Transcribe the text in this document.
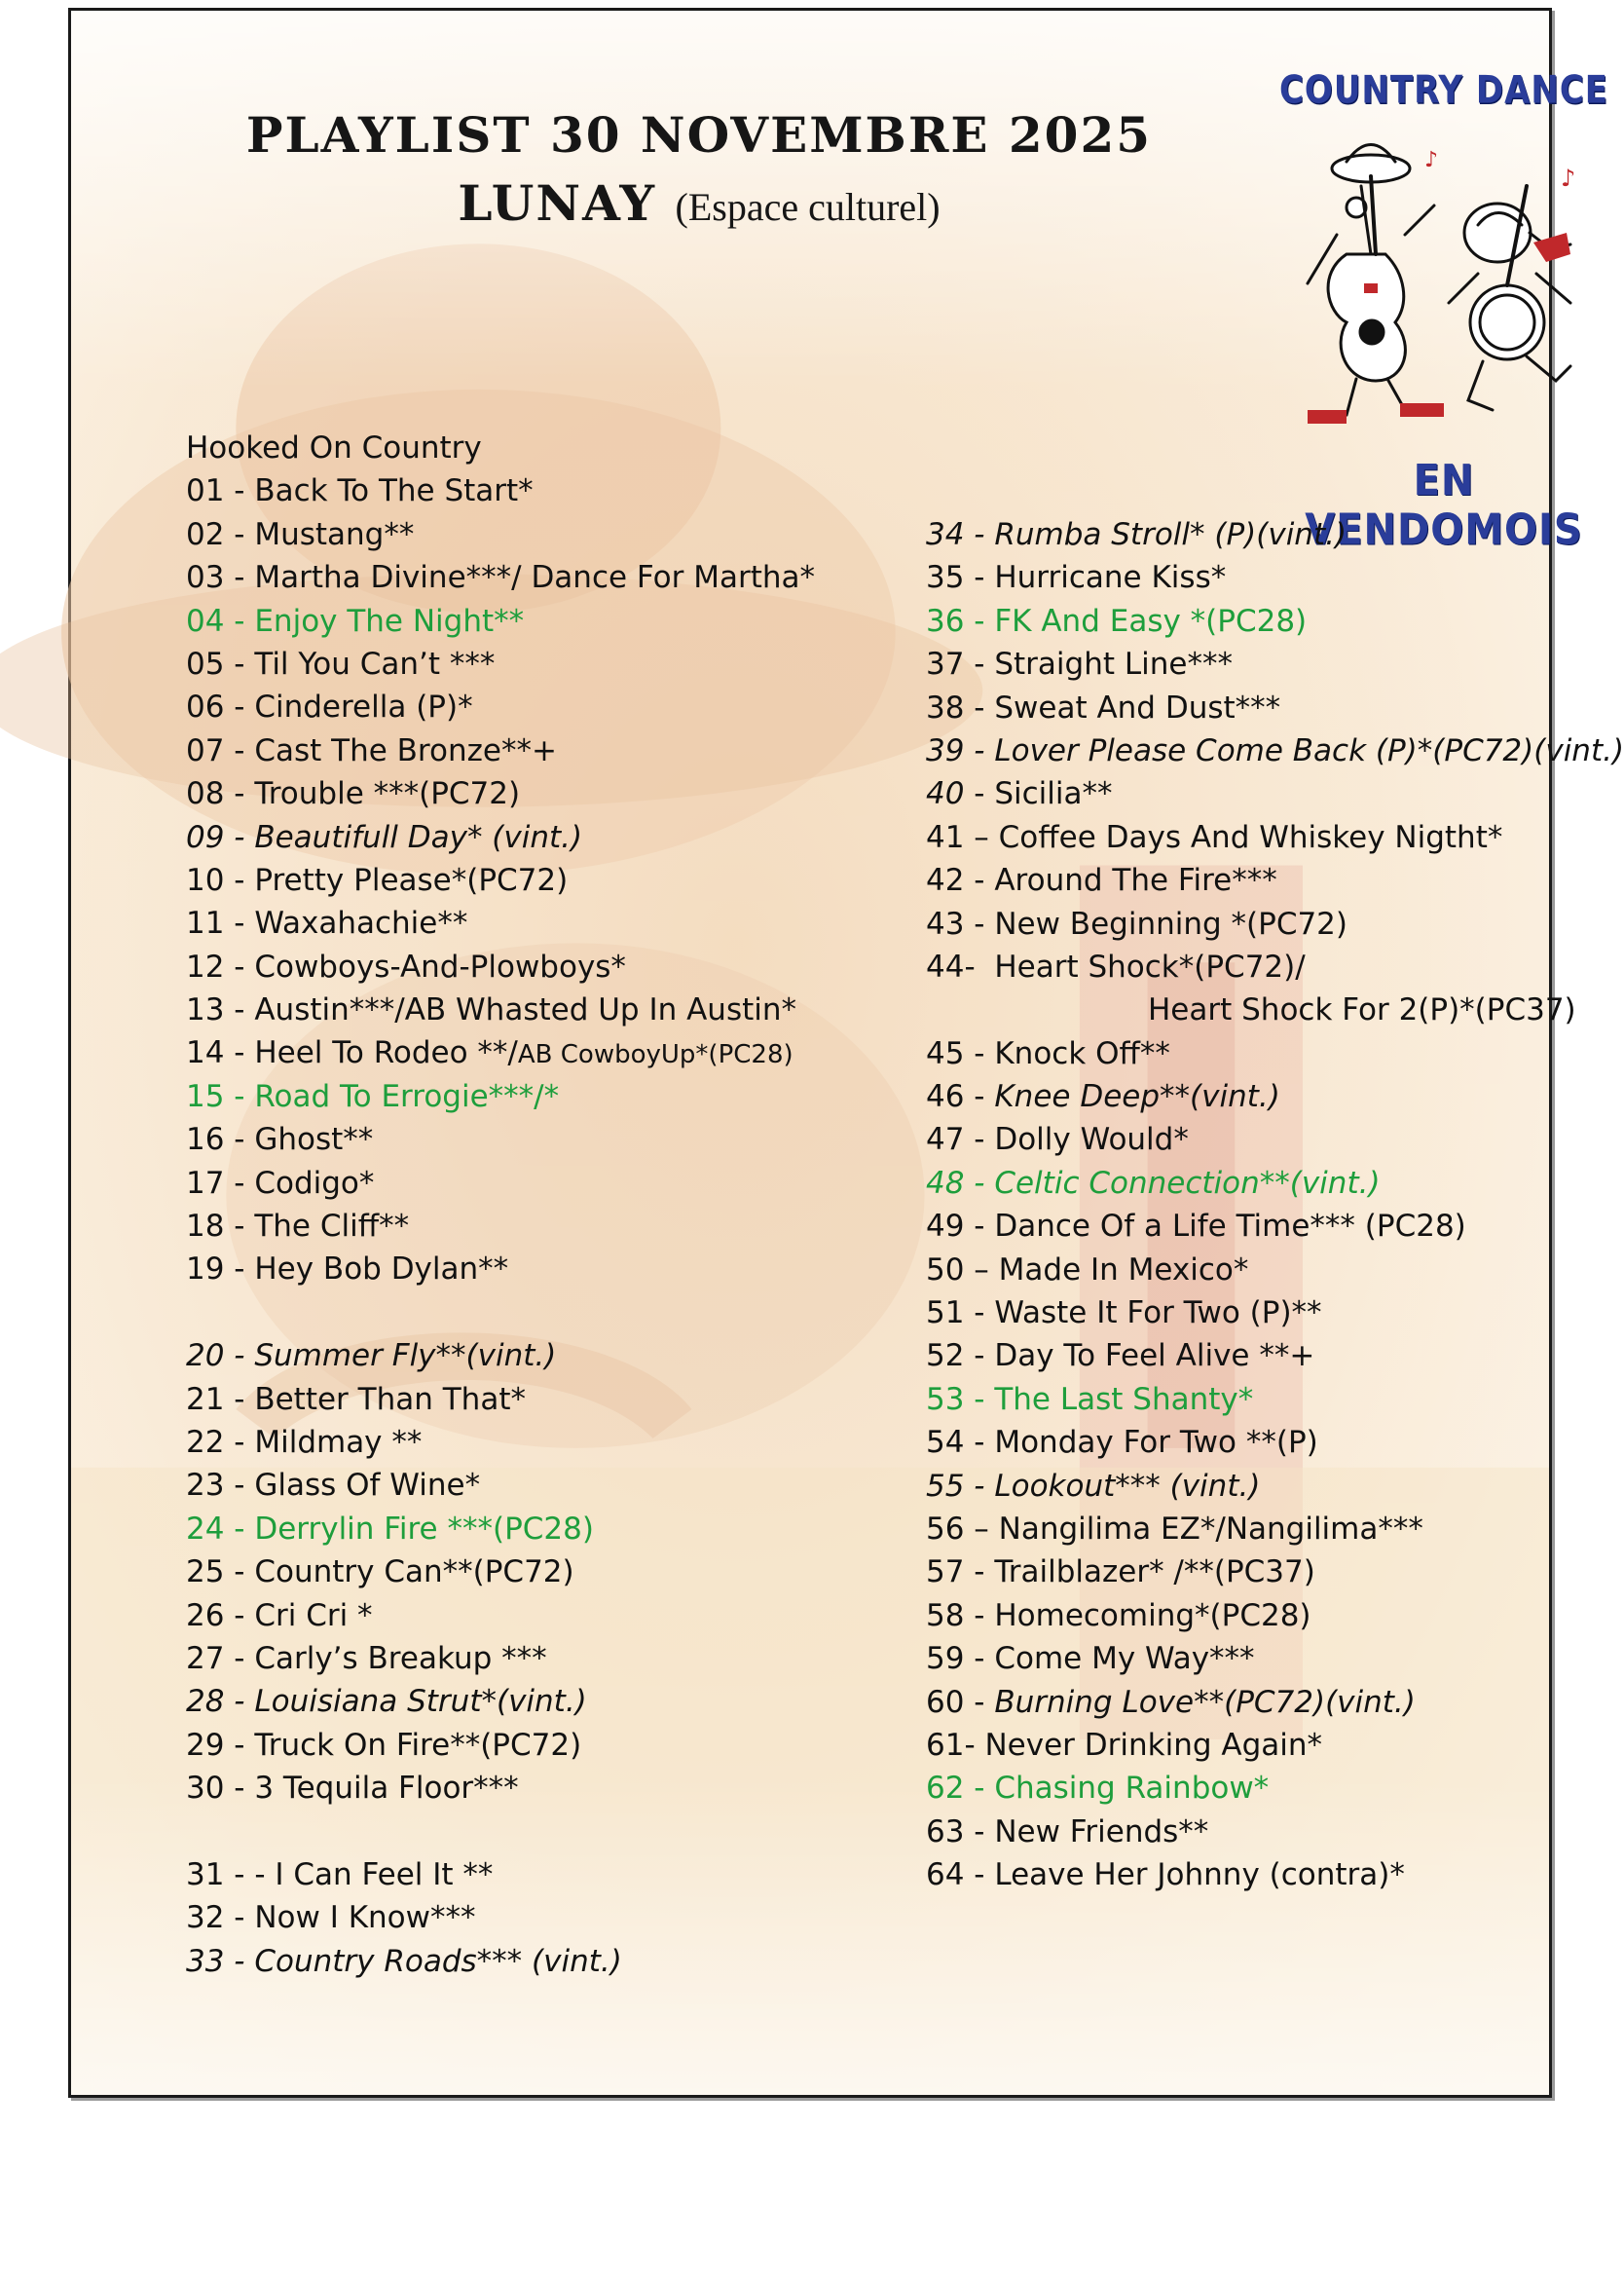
COUNTRY DANCE
♪
♪
EN VENDOMOIS
PLAYLIST 30 NOVEMBRE 2025
LUNAY (Espace culturel)
Hooked On Country
01 - Back To The Start*
02 - Mustang**
03 - Martha Divine***/ Dance For Martha*
04 - Enjoy The Night**
05 - Til You Can’t ***
06 - Cinderella (P)*
07 - Cast The Bronze**+
08 - Trouble ***(PC72)
09 - Beautifull Day* (vint.)
10 - Pretty Please*(PC72)
11 - Waxahachie**
12 - Cowboys-And-Plowboys*
13 - Austin***/AB Whasted Up In Austin*
14 - Heel To Rodeo **/AB CowboyUp*(PC28)
15 - Road To Errogie***/*
16 - Ghost**
17 - Codigo*
18 - The Cliff**
19 - Hey Bob Dylan**
20 - Summer Fly**(vint.)
21 - Better Than That*
22 - Mildmay **
23 - Glass Of Wine*
24 - Derrylin Fire ***(PC28)
25 - Country Can**(PC72)
26 - Cri Cri *
27 - Carly’s Breakup ***
28 - Louisiana Strut*(vint.)
29 - Truck On Fire**(PC72)
30 - 3 Tequila Floor***
31 - - I Can Feel It **
32 - Now I Know***
33 - Country Roads*** (vint.)
34 - Rumba Stroll* (P)(vint.)
35 - Hurricane Kiss*
36 - FK And Easy *(PC28)
37 - Straight Line***
38 - Sweat And Dust***
39 - Lover Please Come Back (P)*(PC72)(vint.)
40 - Sicilia**
41 – Coffee Days And Whiskey Nigtht*
42 - Around The Fire***
43 - New Beginning *(PC72)
44-  Heart Shock*(PC72)/
Heart Shock For 2(P)*(PC37)
45 - Knock Off**
46 - Knee Deep**(vint.)
47 - Dolly Would*
48 - Celtic Connection**(vint.)
49 - Dance Of a Life Time*** (PC28)
50 – Made In Mexico*
51 - Waste It For Two (P)**
52 - Day To Feel Alive **+
53 - The Last Shanty*
54 - Monday For Two **(P)
55 - Lookout*** (vint.)
56 – Nangilima EZ*/Nangilima***
57 - Trailblazer* /**(PC37)
58 - Homecoming*(PC28)
59 - Come My Way***
60 - Burning Love**(PC72)(vint.)
61- Never Drinking Again*
62 - Chasing Rainbow*
63 - New Friends**
64 - Leave Her Johnny (contra)*
